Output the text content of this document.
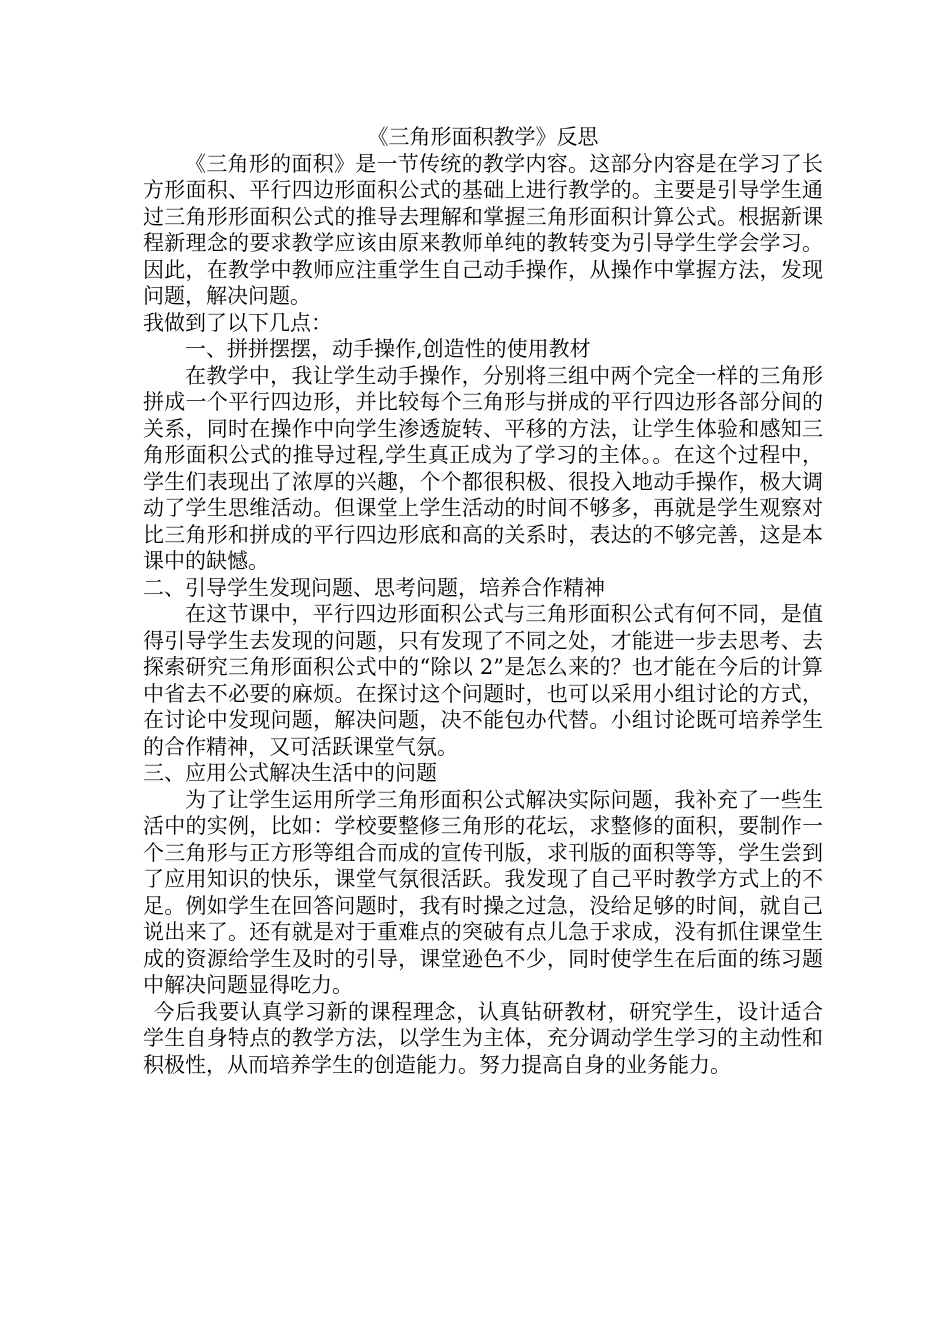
《三角形面积教学》反思

《三角形的面积》是一节传统的教学内容。这部分内容是在学习了长方形面积、平行四边形面积公式的基础上进行教学的。主要是引导学生通过三角形形面积公式的推导去理解和掌握三角形面积计算公式。根据新课程新理念的要求教学应该由原来教师单纯的教转变为引导学生学会学习。因此，在教学中教师应注重学生自己动手操作，从操作中掌握方法，发现问题，解决问题。

我做到了以下几点：

一、拼拼摆摆，动手操作,创造性的使用教材

在教学中，我让学生动手操作，分别将三组中两个完全一样的三角形拼成一个平行四边形，并比较每个三角形与拼成的平行四边形各部分间的关系，同时在操作中向学生渗透旋转、平移的方法，让学生体验和感知三角形面积公式的推导过程,学生真正成为了学习的主体。。在这个过程中，学生们表现出了浓厚的兴趣，个个都很积极、很投入地动手操作，极大调动了学生思维活动。但课堂上学生活动的时间不够多，再就是学生观察对比三角形和拼成的平行四边形底和高的关系时，表达的不够完善，这是本课中的缺憾。

二、引导学生发现问题、思考问题，培养合作精神

在这节课中，平行四边形面积公式与三角形面积公式有何不同，是值得引导学生去发现的问题，只有发现了不同之处，才能进一步去思考、去探索研究三角形面积公式中的“除以 2”是怎么来的？也才能在今后的计算中省去不必要的麻烦。在探讨这个问题时，也可以采用小组讨论的方式，在讨论中发现问题，解决问题，决不能包办代替。小组讨论既可培养学生的合作精神，又可活跃课堂气氛。

三、应用公式解决生活中的问题

为了让学生运用所学三角形面积公式解决实际问题，我补充了一些生活中的实例，比如：学校要整修三角形的花坛，求整修的面积，要制作一个三角形与正方形等组合而成的宣传刊版，求刊版的面积等等，学生尝到了应用知识的快乐，课堂气氛很活跃。我发现了自己平时教学方式上的不足。例如学生在回答问题时，我有时操之过急，没给足够的时间，就自己说出来了。还有就是对于重难点的突破有点儿急于求成，没有抓住课堂生成的资源给学生及时的引导，课堂逊色不少，同时使学生在后面的练习题中解决问题显得吃力。

今后我要认真学习新的课程理念，认真钻研教材，研究学生，设计适合学生自身特点的教学方法，以学生为主体，充分调动学生学习的主动性和积极性，从而培养学生的创造能力。努力提高自身的业务能力。
